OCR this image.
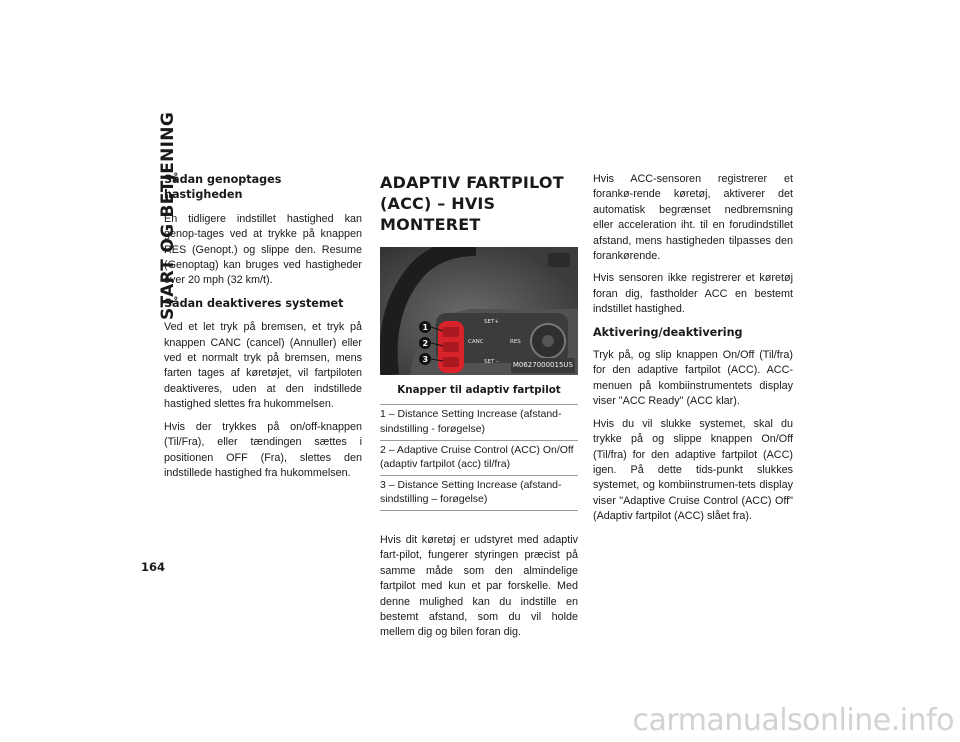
START OG BETJENING
Sådan genoptages hastigheden

En tidligere indstillet hastighed kan genop-tages ved at trykke på knappen RES (Genopt.) og slippe den. Resume (Genoptag) kan bruges ved hastigheder over 20 mph (32 km/t).

Sådan deaktiveres systemet

Ved et let tryk på bremsen, et tryk på knappen CANC (cancel) (Annuller) eller ved et normalt tryk på bremsen, mens farten tages af køretøjet, vil fartpiloten deaktiveres, uden at den indstillede hastighed slettes fra hukommelsen.

Hvis der trykkes på on/off-knappen (Til/Fra), eller tændingen sættes i positionen OFF (Fra), slettes den indstillede hastighed fra hukommelsen.

ADAPTIV FARTPILOT (ACC) – HVIS MONTERET
SET+
CANC	RES
SET –
1
2
3
M0627000015US
Knapper til adaptiv fartpilot
1 – Distance Setting Increase (afstand-sindstilling - forøgelse)
2 – Adaptive Cruise Control (ACC) On/Off (adaptiv fartpilot (acc) til/fra)
3 – Distance Setting Increase (afstand-sindstilling – forøgelse)

Hvis dit køretøj er udstyret med adaptiv fart-pilot, fungerer styringen præcist på samme måde som den almindelige fartpilot med kun et par forskelle. Med denne mulighed kan du indstille en bestemt afstand, som du vil holde mellem dig og bilen foran dig.

Hvis ACC-sensoren registrerer et forankø-rende køretøj, aktiverer det automatisk begrænset nedbremsning eller acceleration iht. til en forudindstillet afstand, mens hastigheden tilpasses den forankørende.

Hvis sensoren ikke registrerer et køretøj foran dig, fastholder ACC en bestemt indstillet hastighed.

Aktivering/deaktivering

Tryk på, og slip knappen On/Off (Til/fra) for den adaptive fartpilot (ACC). ACC-menuen på kombiinstrumentets display viser "ACC Ready" (ACC klar).

Hvis du vil slukke systemet, skal du trykke på og slippe knappen On/Off (Til/fra) for den adaptive fartpilot (ACC) igen. På dette tids-punkt slukkes systemet, og kombiinstrumen-tets display viser "Adaptive Cruise Control (ACC) Off" (Adaptiv fartpilot (ACC) slået fra).

164
carmanualsonline.info
